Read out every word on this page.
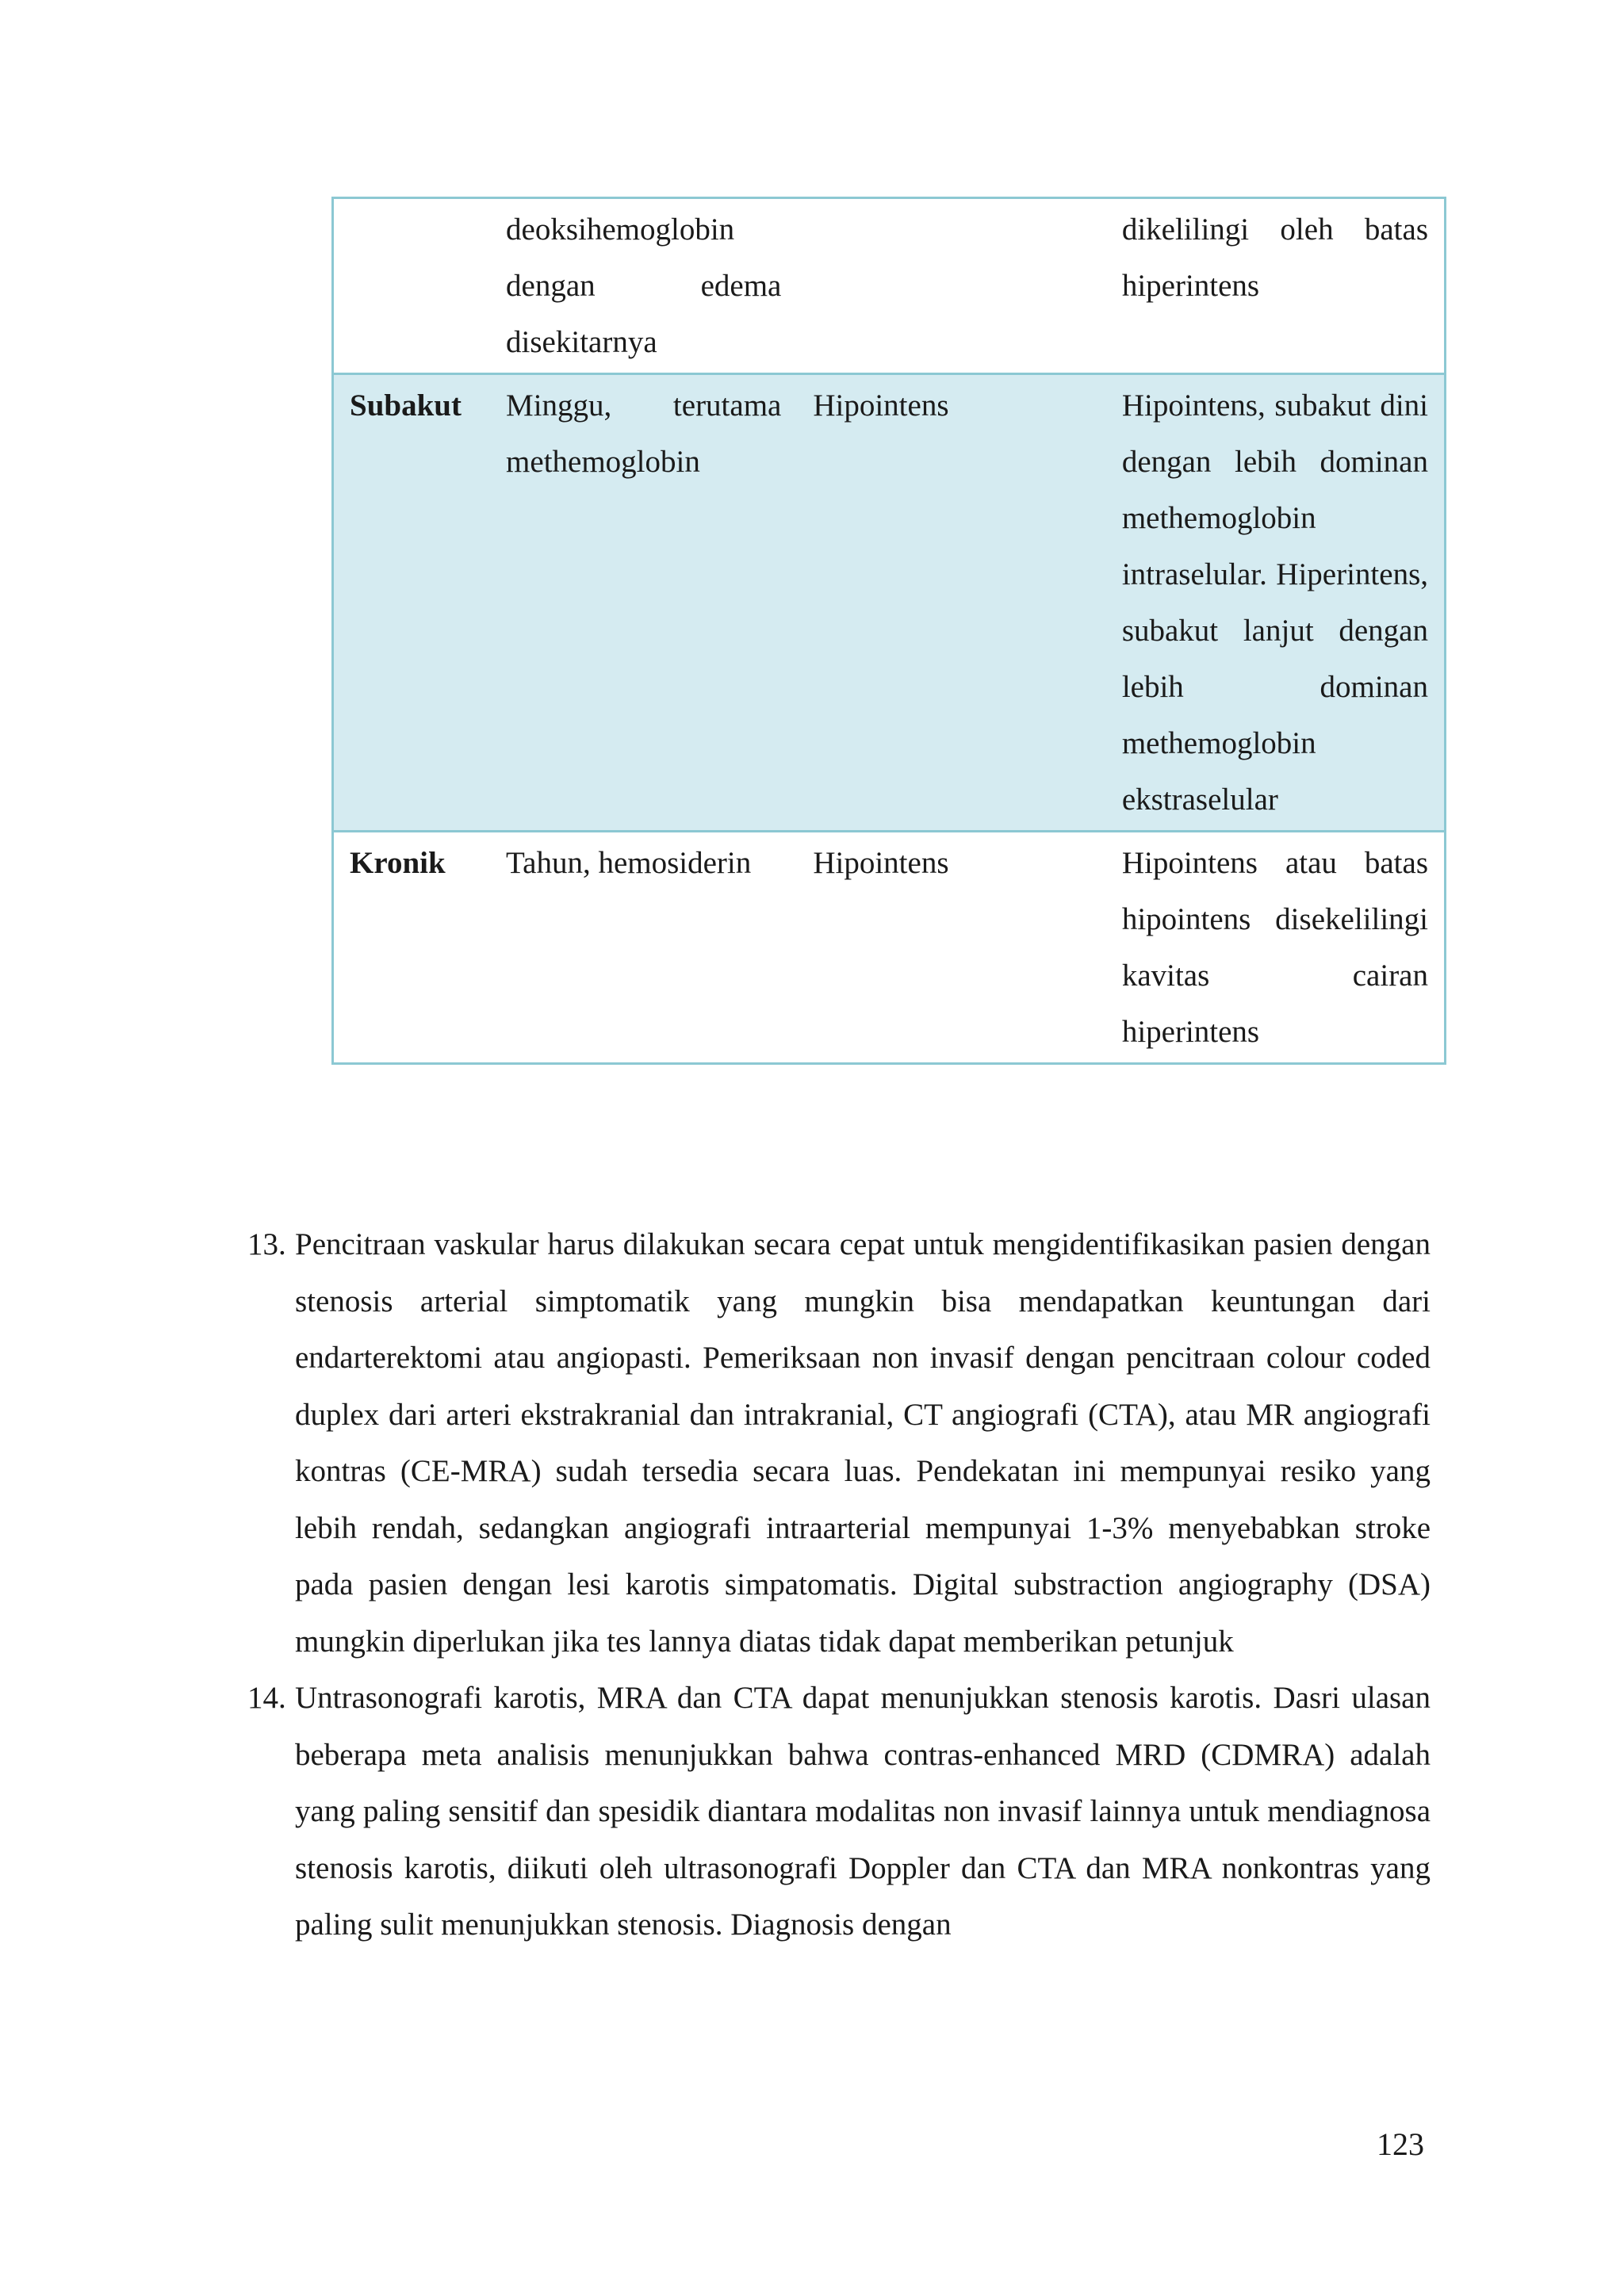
	deoksihemoglobin dengan edema disekitarnya		dikelilingi oleh batas hiperintens

Subakut	Minggu, terutama methemoglobin	Hipointens	Hipointens, subakut dini dengan lebih dominan methemoglobin intraselular. Hiperintens, subakut lanjut dengan lebih dominan methemoglobin ekstraselular

Kronik	Tahun, hemosiderin	Hipointens	Hipointens atau batas hipointens disekelilingi kavitas cairan hiperintens

13. Pencitraan vaskular harus dilakukan secara cepat untuk mengidentifikasikan pasien dengan stenosis arterial simptomatik yang mungkin bisa mendapatkan keuntungan dari endarterektomi atau angiopasti. Pemeriksaan non invasif dengan pencitraan colour coded duplex dari arteri ekstrakranial dan intrakranial, CT angiografi (CTA), atau MR angiografi kontras (CE-MRA) sudah tersedia secara luas. Pendekatan ini mempunyai resiko yang lebih rendah, sedangkan angiografi intraarterial mempunyai 1-3% menyebabkan stroke pada pasien dengan lesi karotis simpatomatis. Digital substraction angiography (DSA) mungkin diperlukan jika tes lannya diatas tidak dapat memberikan petunjuk

14. Untrasonografi karotis, MRA dan CTA dapat menunjukkan stenosis karotis. Dasri ulasan beberapa meta analisis menunjukkan bahwa contras-enhanced MRD (CDMRA) adalah yang paling sensitif dan spesidik diantara modalitas non invasif lainnya untuk mendiagnosa stenosis karotis, diikuti oleh ultrasonografi Doppler dan CTA dan MRA nonkontras yang paling sulit menunjukkan stenosis. Diagnosis dengan

123
